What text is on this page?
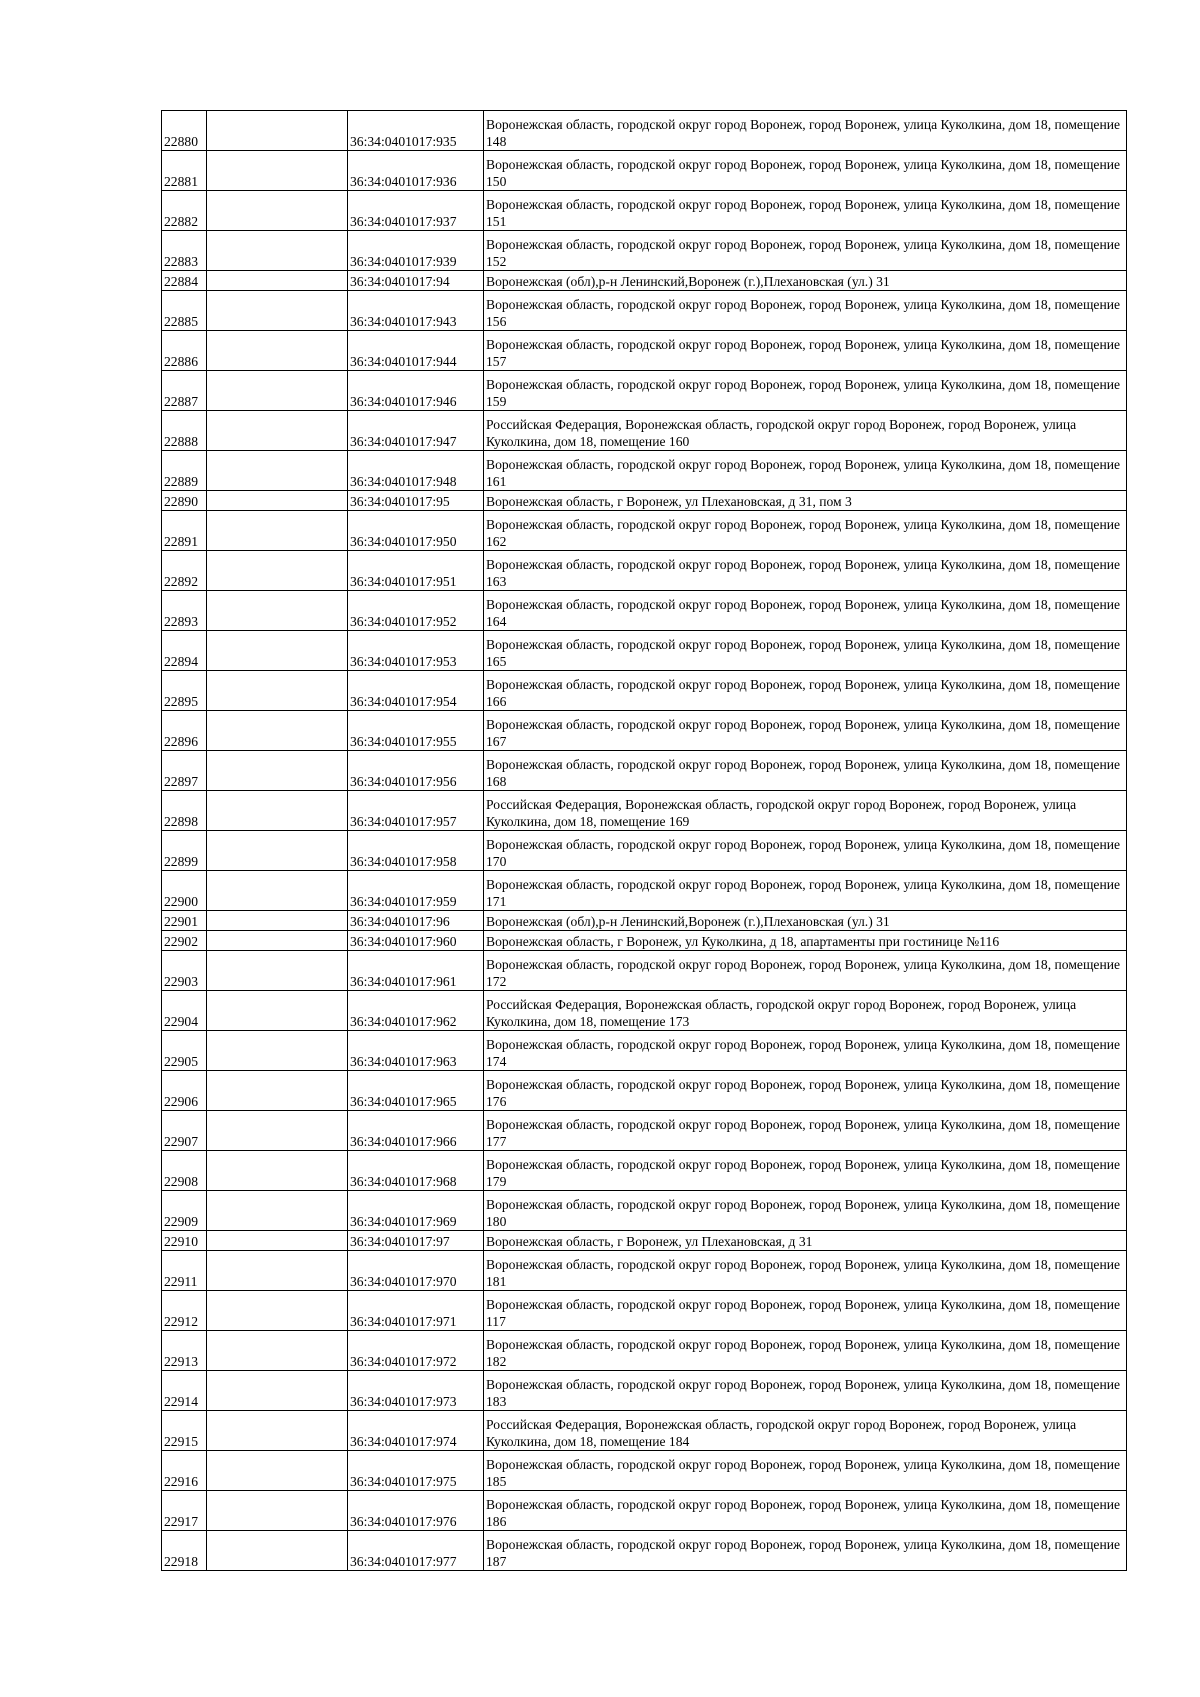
22880		36:34:0401017:935	Воронежская область, городской округ город Воронеж, город Воронеж, улица Куколкина, дом 18, помещение 148
22881		36:34:0401017:936	Воронежская область, городской округ город Воронеж, город Воронеж, улица Куколкина, дом 18, помещение 150
22882		36:34:0401017:937	Воронежская область, городской округ город Воронеж, город Воронеж, улица Куколкина, дом 18, помещение 151
22883		36:34:0401017:939	Воронежская область, городской округ город Воронеж, город Воронеж, улица Куколкина, дом 18, помещение 152
22884		36:34:0401017:94	Воронежская (обл),р-н Ленинский,Воронеж (г.),Плехановская (ул.) 31
22885		36:34:0401017:943	Воронежская область, городской округ город Воронеж, город Воронеж, улица Куколкина, дом 18, помещение 156
22886		36:34:0401017:944	Воронежская область, городской округ город Воронеж, город Воронеж, улица Куколкина, дом 18, помещение 157
22887		36:34:0401017:946	Воронежская область, городской округ город Воронеж, город Воронеж, улица Куколкина, дом 18, помещение 159
22888		36:34:0401017:947	Российская Федерация, Воронежская область, городской округ город Воронеж, город Воронеж, улица Куколкина, дом 18, помещение 160
22889		36:34:0401017:948	Воронежская область, городской округ город Воронеж, город Воронеж, улица Куколкина, дом 18, помещение 161
22890		36:34:0401017:95	Воронежская область, г Воронеж, ул Плехановская, д 31, пом 3
22891		36:34:0401017:950	Воронежская область, городской округ город Воронеж, город Воронеж, улица Куколкина, дом 18, помещение 162
22892		36:34:0401017:951	Воронежская область, городской округ город Воронеж, город Воронеж, улица Куколкина, дом 18, помещение 163
22893		36:34:0401017:952	Воронежская область, городской округ город Воронеж, город Воронеж, улица Куколкина, дом 18, помещение 164
22894		36:34:0401017:953	Воронежская область, городской округ город Воронеж, город Воронеж, улица Куколкина, дом 18, помещение 165
22895		36:34:0401017:954	Воронежская область, городской округ город Воронеж, город Воронеж, улица Куколкина, дом 18, помещение 166
22896		36:34:0401017:955	Воронежская область, городской округ город Воронеж, город Воронеж, улица Куколкина, дом 18, помещение 167
22897		36:34:0401017:956	Воронежская область, городской округ город Воронеж, город Воронеж, улица Куколкина, дом 18, помещение 168
22898		36:34:0401017:957	Российская Федерация, Воронежская область, городской округ город Воронеж, город Воронеж, улица Куколкина, дом 18, помещение 169
22899		36:34:0401017:958	Воронежская область, городской округ город Воронеж, город Воронеж, улица Куколкина, дом 18, помещение 170
22900		36:34:0401017:959	Воронежская область, городской округ город Воронеж, город Воронеж, улица Куколкина, дом 18, помещение 171
22901		36:34:0401017:96	Воронежская (обл),р-н Ленинский,Воронеж (г.),Плехановская (ул.) 31
22902		36:34:0401017:960	Воронежская область, г Воронеж, ул Куколкина, д 18, апартаменты при гостинице №116
22903		36:34:0401017:961	Воронежская область, городской округ город Воронеж, город Воронеж, улица Куколкина, дом 18, помещение 172
22904		36:34:0401017:962	Российская Федерация, Воронежская область, городской округ город Воронеж, город Воронеж, улица Куколкина, дом 18, помещение 173
22905		36:34:0401017:963	Воронежская область, городской округ город Воронеж, город Воронеж, улица Куколкина, дом 18, помещение 174
22906		36:34:0401017:965	Воронежская область, городской округ город Воронеж, город Воронеж, улица Куколкина, дом 18, помещение 176
22907		36:34:0401017:966	Воронежская область, городской округ город Воронеж, город Воронеж, улица Куколкина, дом 18, помещение 177
22908		36:34:0401017:968	Воронежская область, городской округ город Воронеж, город Воронеж, улица Куколкина, дом 18, помещение 179
22909		36:34:0401017:969	Воронежская область, городской округ город Воронеж, город Воронеж, улица Куколкина, дом 18, помещение 180
22910		36:34:0401017:97	Воронежская область, г Воронеж, ул Плехановская, д 31
22911		36:34:0401017:970	Воронежская область, городской округ город Воронеж, город Воронеж, улица Куколкина, дом 18, помещение 181
22912		36:34:0401017:971	Воронежская область, городской округ город Воронеж, город Воронеж, улица Куколкина, дом 18, помещение 117
22913		36:34:0401017:972	Воронежская область, городской округ город Воронеж, город Воронеж, улица Куколкина, дом 18, помещение 182
22914		36:34:0401017:973	Воронежская область, городской округ город Воронеж, город Воронеж, улица Куколкина, дом 18, помещение 183
22915		36:34:0401017:974	Российская Федерация, Воронежская область, городской округ город Воронеж, город Воронеж, улица Куколкина, дом 18, помещение 184
22916		36:34:0401017:975	Воронежская область, городской округ город Воронеж, город Воронеж, улица Куколкина, дом 18, помещение 185
22917		36:34:0401017:976	Воронежская область, городской округ город Воронеж, город Воронеж, улица Куколкина, дом 18, помещение 186
22918		36:34:0401017:977	Воронежская область, городской округ город Воронеж, город Воронеж, улица Куколкина, дом 18, помещение 187
